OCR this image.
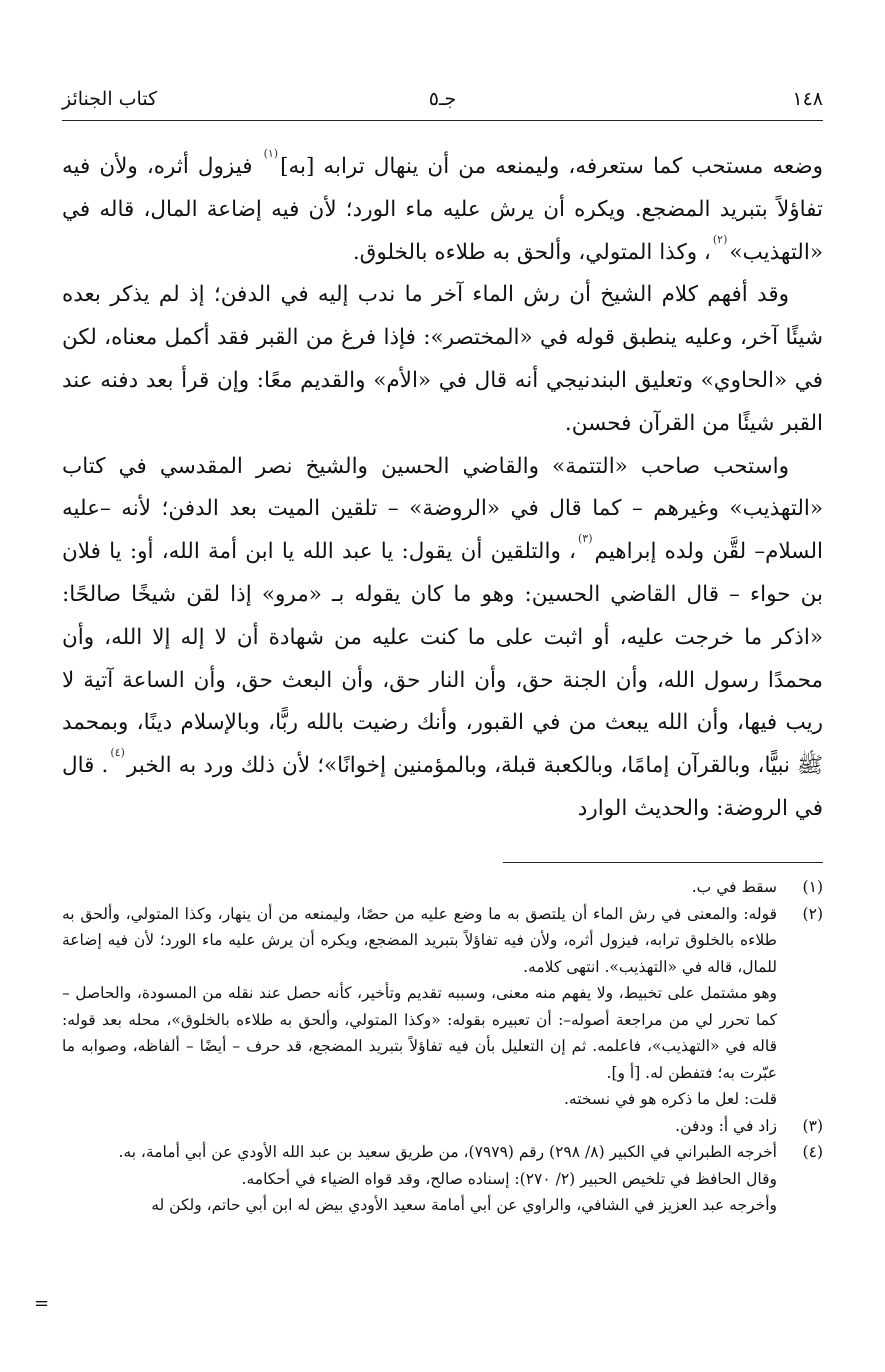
١٤٨
جـ٥
كتاب الجنائز

وضعه مستحب كما ستعرفه، وليمنعه من أن ينهال ترابه [به]$^{(١)}$ فيزول أثره، ولأن فيه تفاؤلاً بتبريد المضجع. ويكره أن يرش عليه ماء الورد؛ لأن فيه إضاعة المال، قاله في «التهذيب»$^{(٢)}$، وكذا المتولي، وألحق به طلاءه بالخلوق.

وقد أفهم كلام الشيخ أن رش الماء آخر ما ندب إليه في الدفن؛ إذ لم يذكر بعده شيئًا آخر، وعليه ينطبق قوله في «المختصر»: فإذا فرغ من القبر فقد أكمل معناه، لكن في «الحاوي» وتعليق البندنيجي أنه قال في «الأم» والقديم معًا: وإن قرأ بعد دفنه عند القبر شيئًا من القرآن فحسن.

واستحب صاحب «التتمة» والقاضي الحسين والشيخ نصر المقدسي في كتاب «التهذيب» وغيرهم – كما قال في «الروضة» – تلقين الميت بعد الدفن؛ لأنه –عليه السلام– لقَّن ولده إبراهيم$^{(٣)}$، والتلقين أن يقول: يا عبد الله يا ابن أمة الله، أو: يا فلان بن حواء – قال القاضي الحسين: وهو ما كان يقوله بـ «مرو» إذا لقن شيخًا صالحًا: «اذكر ما خرجت عليه، أو اثبت على ما كنت عليه من شهادة أن لا إله إلا الله، وأن محمدًا رسول الله، وأن الجنة حق، وأن النار حق، وأن البعث حق، وأن الساعة آتية لا ريب فيها، وأن الله يبعث من في القبور، وأنك رضيت بالله ربًّا، وبالإسلام دينًا، وبمحمد ﷺ نبيًّا، وبالقرآن إمامًا، وبالكعبة قبلة، وبالمؤمنين إخوانًا»؛ لأن ذلك ورد به الخبر$^{(٤)}$. قال في الروضة: والحديث الوارد

(١)

سقط في ب.

(٢)

قوله: والمعنى في رش الماء أن يلتصق به ما وضع عليه من حصًا، وليمنعه من أن ينهار، وكذا المتولي، وألحق به طلاءه بالخلوق ترابه، فيزول أثره، ولأن فيه تفاؤلاً بتبريد المضجع، ويكره أن يرش عليه ماء الورد؛ لأن فيه إضاعة للمال، قاله في «التهذيب». انتهى كلامه.

وهو مشتمل على تخبيط، ولا يفهم منه معنى، وسببه تقديم وتأخير، كأنه حصل عند نقله من المسودة، والحاصل – كما تحرر لي من مراجعة أصوله–: أن تعبيره بقوله: «وكذا المتولي، وألحق به طلاءه بالخلوق»، محله بعد قوله: قاله في «التهذيب»، فاعلمه. ثم إن التعليل بأن فيه تفاؤلاً بتبريد المضجع، قد حرف – أيضًا – ألفاظه، وصوابه ما عبّرت به؛ فتفطن له. [أ و].

قلت: لعل ما ذكره هو في نسخته.

(٣)

زاد في أ: ودفن.

(٤)

أخرجه الطبراني في الكبير (٨/ ٢٩٨) رقم (٧٩٧٩)، من طريق سعيد بن عبد الله الأودي عن أبي أمامة، به.

وقال الحافظ في تلخيص الحبير (٢/ ٢٧٠): إسناده صالح، وقد قواه الضياء في أحكامه.

وأخرجه عبد العزيز في الشافي، والراوي عن أبي أمامة سعيد الأودي بيض له ابن أبي حاتم، ولكن له

=
